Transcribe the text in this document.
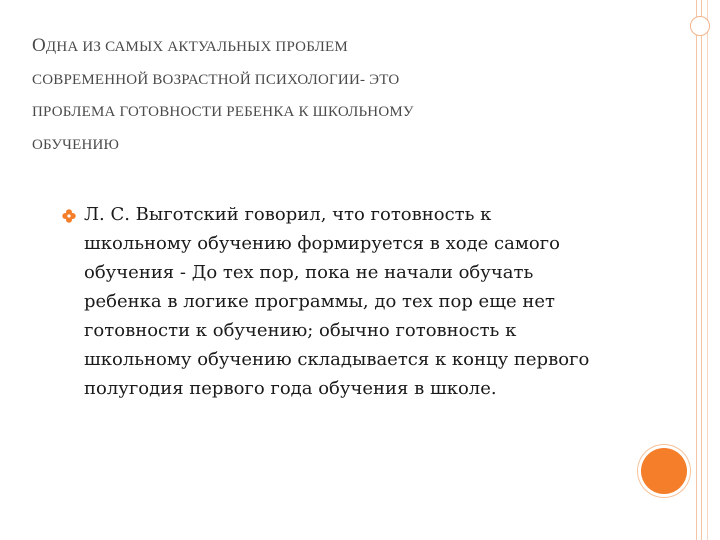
ОДНА ИЗ САМЫХ АКТУАЛЬНЫХ ПРОБЛЕМ
СОВРЕМЕННОЙ ВОЗРАСТНОЙ ПСИХОЛОГИИ- ЭТО
ПРОБЛЕМА ГОТОВНОСТИ РЕБЕНКА К ШКОЛЬНОМУ
ОБУЧЕНИЮ

Л. С. Выготский говорил, что готовность к школьному обучению формируется в ходе самого обучения - До тех пор, пока не начали обучать ребенка в логике программы, до тех пор еще нет готовности к обучению; обычно готовность к школьному обучению складывается к концу первого полугодия первого года обучения в школе.
